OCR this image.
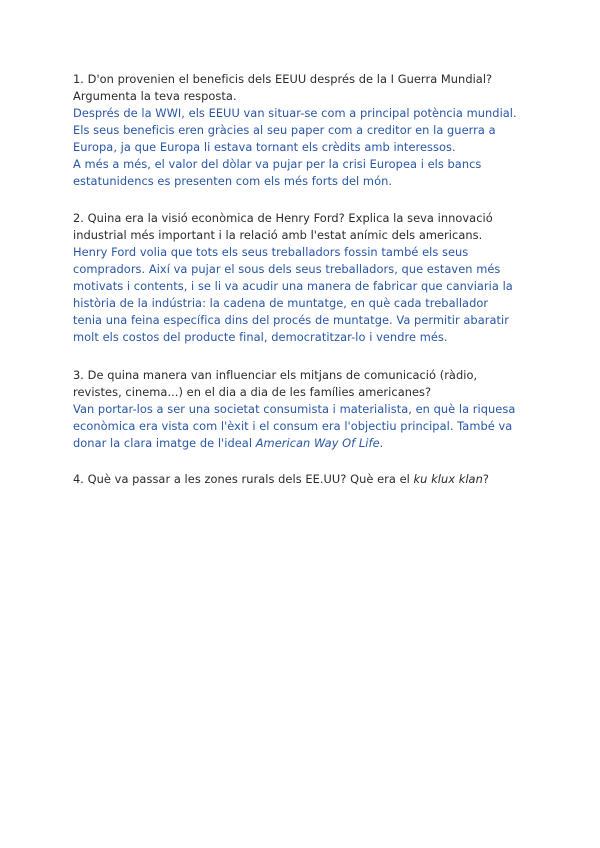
1. D'on provenien el beneficis dels EEUU després de la I Guerra Mundial?
Argumenta la teva resposta.
Després de la WWI, els EEUU van situar-se com a principal potència mundial.
Els seus beneficis eren gràcies al seu paper com a creditor en la guerra a
Europa, ja que Europa li estava tornant els crèdits amb interessos.
A més a més, el valor del dòlar va pujar per la crisi Europea i els bancs
estatunidencs es presenten com els més forts del món.
2. Quina era la visió econòmica de Henry Ford? Explica la seva innovació
industrial més important i la relació amb l'estat anímic dels americans.
Henry Ford volia que tots els seus treballadors fossin també els seus
compradors. Així va pujar el sous dels seus treballadors, que estaven més
motivats i contents, i se li va acudir una manera de fabricar que canviaria la
història de la indústria: la cadena de muntatge, en què cada treballador
tenia una feina específica dins del procés de muntatge. Va permitir abaratir
molt els costos del producte final, democratitzar-lo i vendre més.
3. De quina manera van influenciar els mitjans de comunicació (ràdio,
revistes, cinema...) en el dia a dia de les famílies americanes?
Van portar-los a ser una societat consumista i materialista, en què la riquesa
econòmica era vista com l'èxit i el consum era l'objectiu principal. També va
donar la clara imatge de l'ideal American Way Of Life.
4. Què va passar a les zones rurals dels EE.UU? Què era el ku klux klan?
